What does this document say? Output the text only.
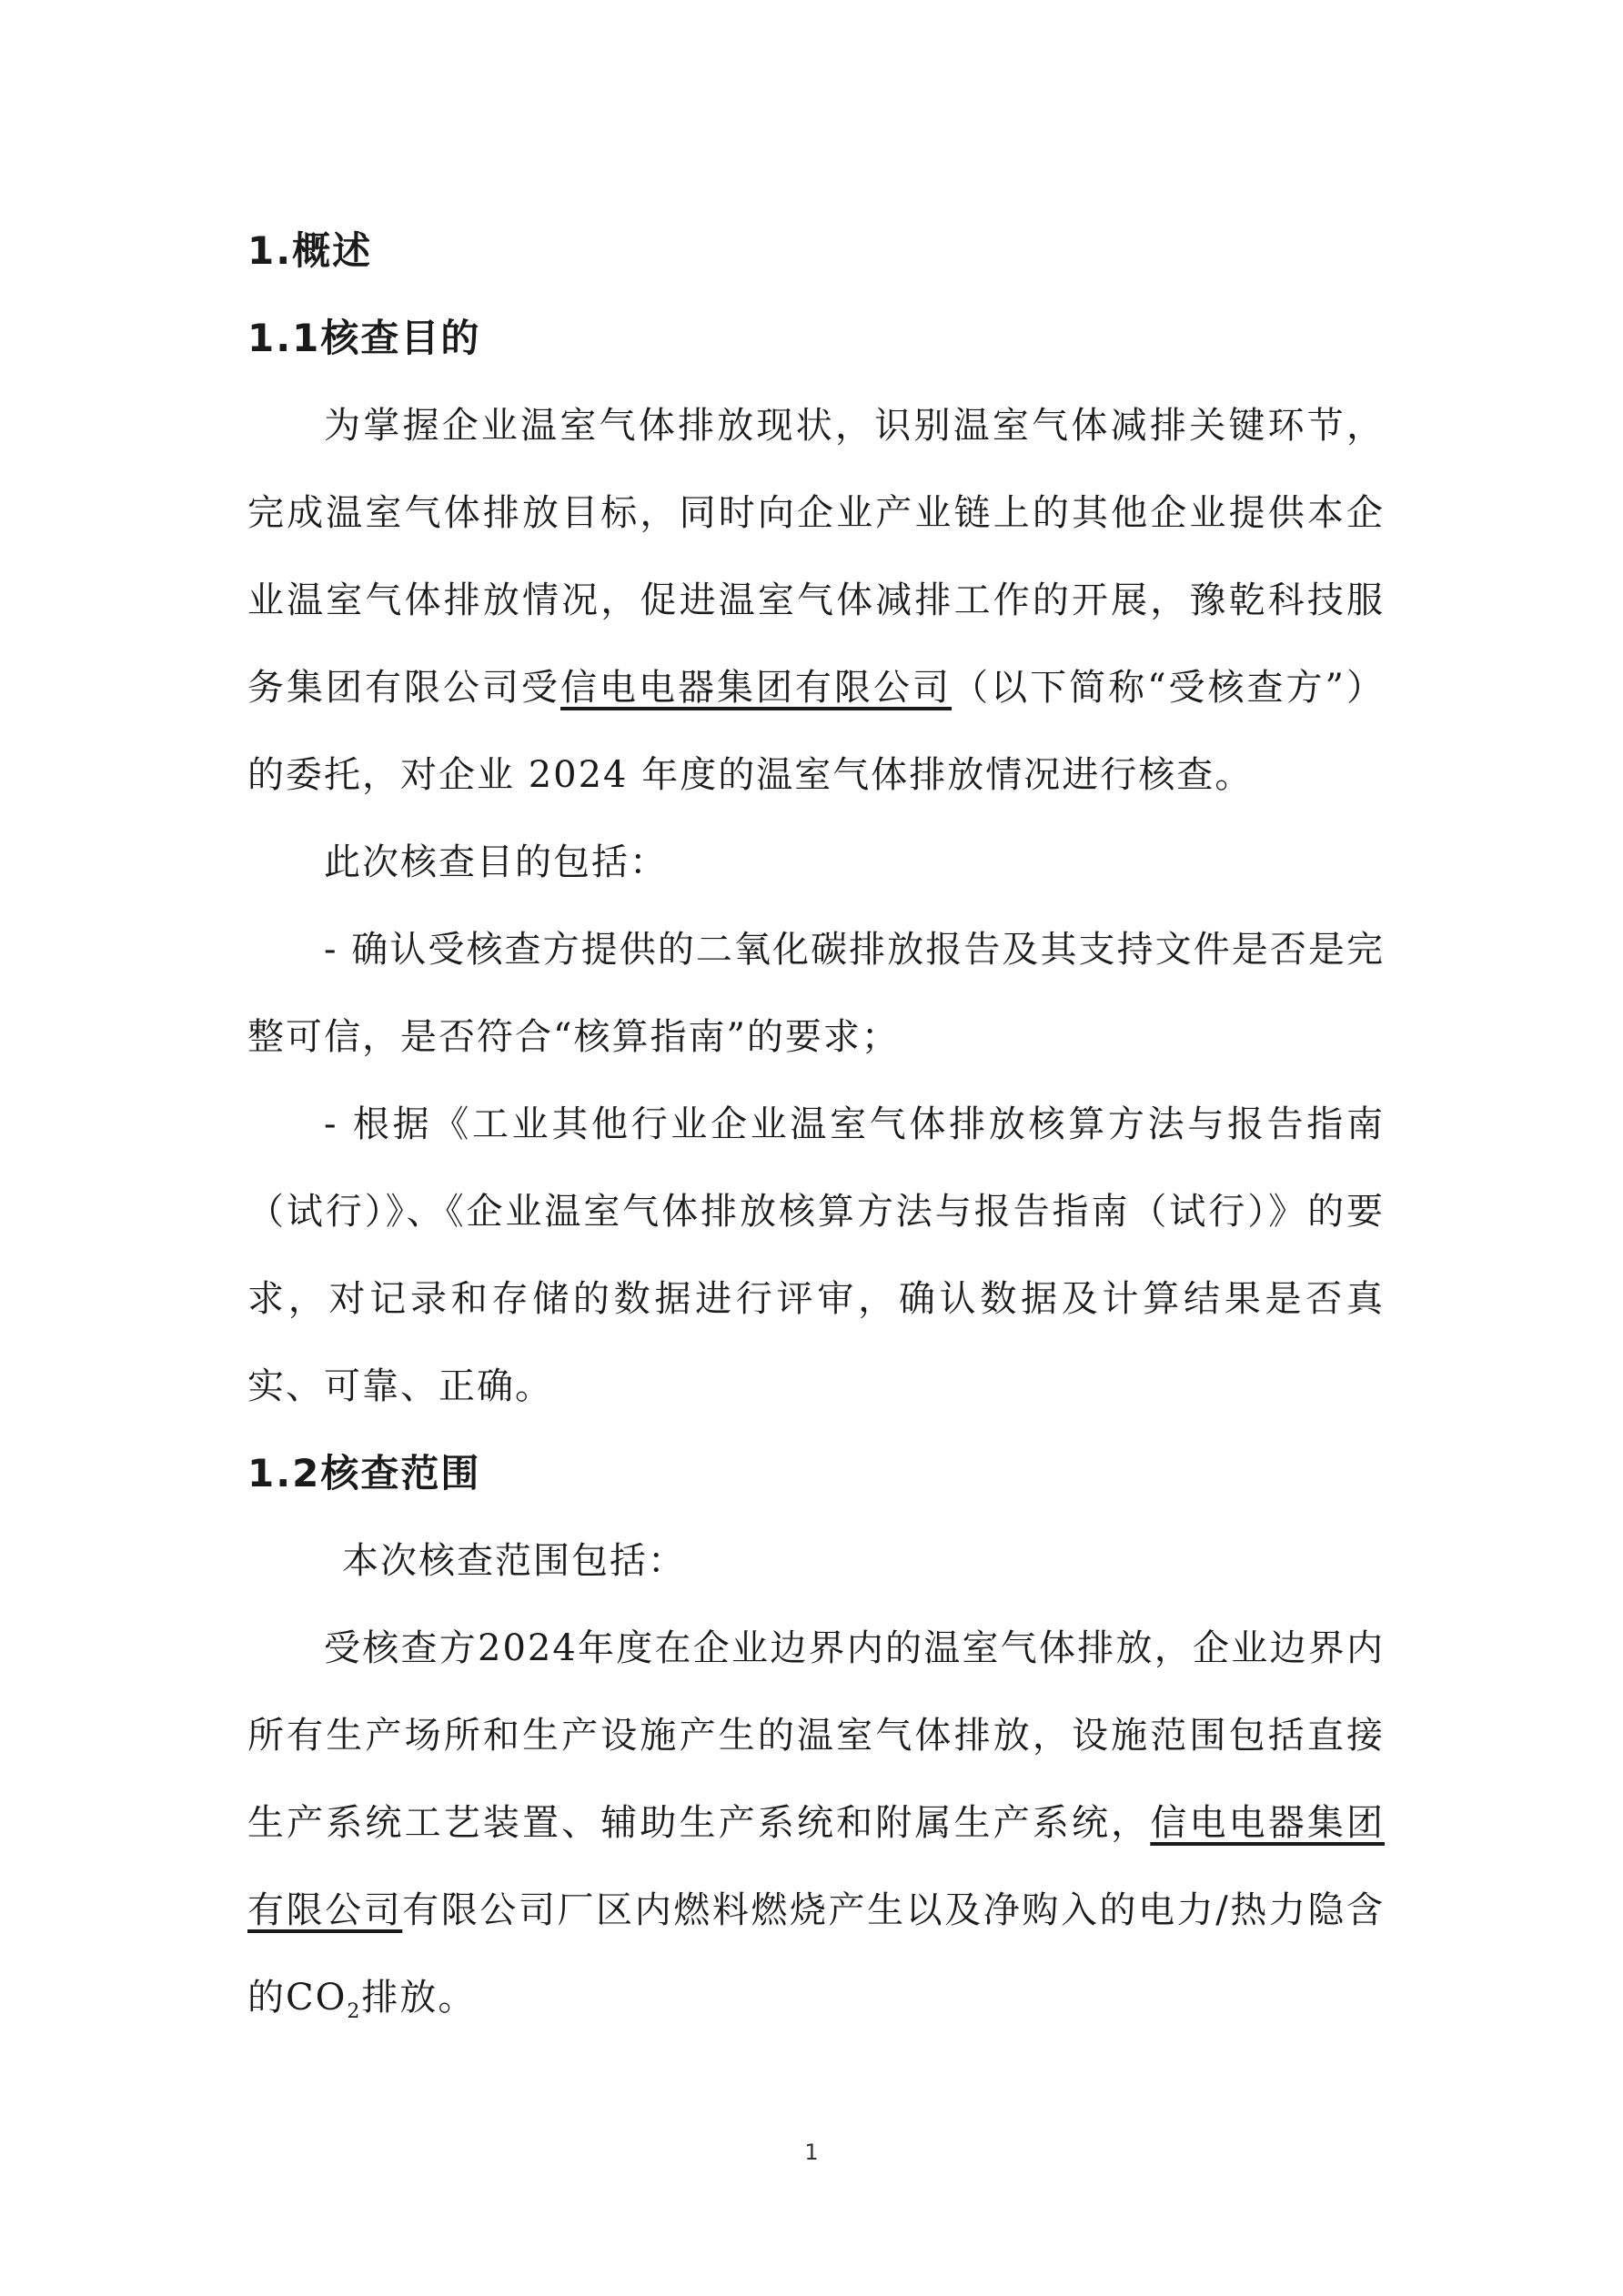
1.概述
1.1核查目的

为掌握企业温室气体排放现状，识别温室气体减排关键环节，完成温室气体排放目标，同时向企业产业链上的其他企业提供本企业温室气体排放情况，促进温室气体减排工作的开展，豫乾科技服务集团有限公司受信电电器集团有限公司（以下简称“受核查方”）的委托，对企业 2024 年度的温室气体排放情况进行核查。

此次核查目的包括：

- 确认受核查方提供的二氧化碳排放报告及其支持文件是否是完整可信，是否符合“核算指南”的要求；

- 根据《工业其他行业企业温室气体排放核算方法与报告指南（试行）》、《企业温室气体排放核算方法与报告指南（试行）》的要求，对记录和存储的数据进行评审，确认数据及计算结果是否真实、可靠、正确。

1.2核查范围

本次核查范围包括：

受核查方2024年度在企业边界内的温室气体排放，企业边界内所有生产场所和生产设施产生的温室气体排放，设施范围包括直接生产系统工艺装置、辅助生产系统和附属生产系统，信电电器集团有限公司有限公司厂区内燃料燃烧产生以及净购入的电力/热力隐含的$CO_2$排放。

1
